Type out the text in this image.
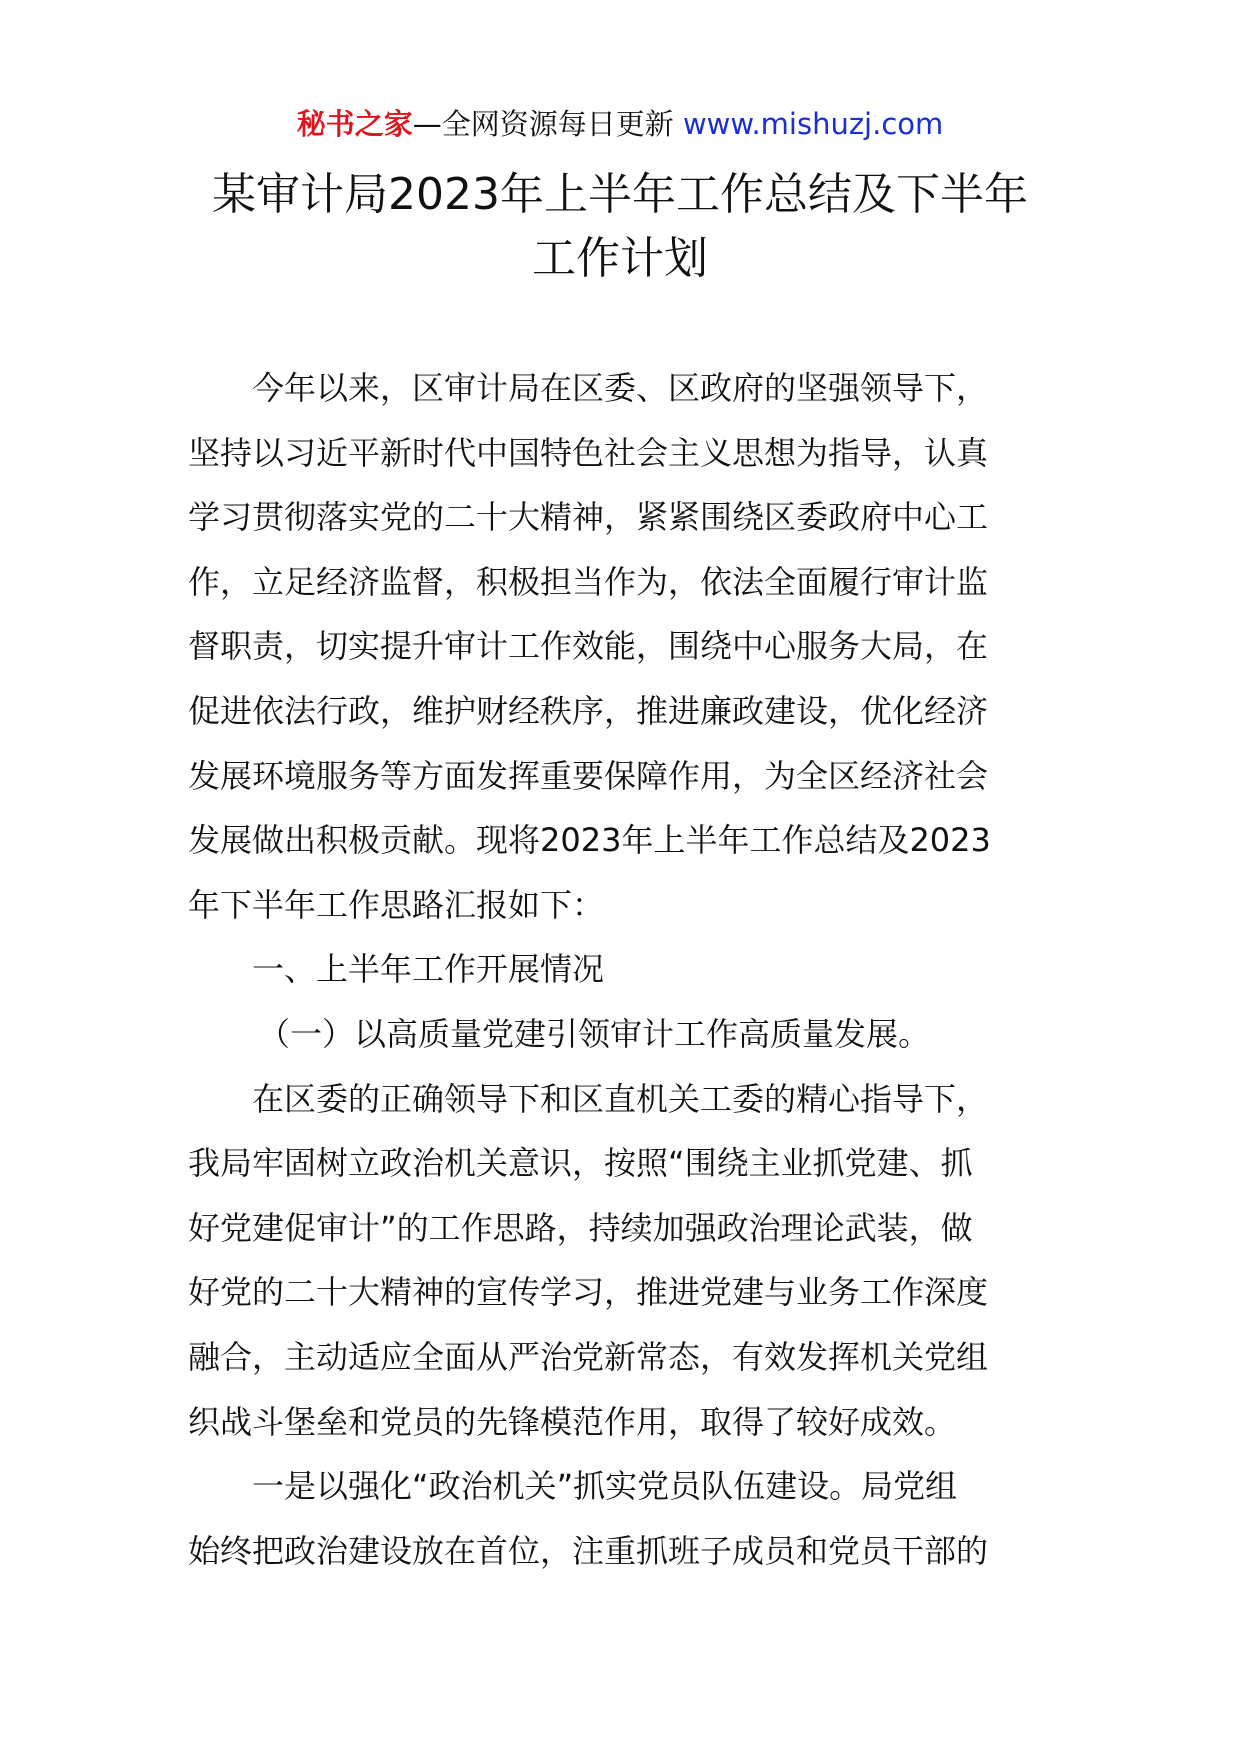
秘书之家—全网资源每日更新 www.mishuzj.com
某审计局2023年上半年工作总结及下半年
工作计划
今年以来，区审计局在区委、区政府的坚强领导下，
坚持以习近平新时代中国特色社会主义思想为指导，认真
学习贯彻落实党的二十大精神，紧紧围绕区委政府中心工
作，立足经济监督，积极担当作为，依法全面履行审计监
督职责，切实提升审计工作效能，围绕中心服务大局，在
促进依法行政，维护财经秩序，推进廉政建设，优化经济
发展环境服务等方面发挥重要保障作用，为全区经济社会
发展做出积极贡献。现将2023年上半年工作总结及2023
年下半年工作思路汇报如下：
一、上半年工作开展情况
（一）以高质量党建引领审计工作高质量发展。
在区委的正确领导下和区直机关工委的精心指导下，
我局牢固树立政治机关意识，按照“围绕主业抓党建、抓
好党建促审计”的工作思路，持续加强政治理论武装，做
好党的二十大精神的宣传学习，推进党建与业务工作深度
融合，主动适应全面从严治党新常态，有效发挥机关党组
织战斗堡垒和党员的先锋模范作用，取得了较好成效。
一是以强化“政治机关”抓实党员队伍建设。局党组
始终把政治建设放在首位，注重抓班子成员和党员干部的
